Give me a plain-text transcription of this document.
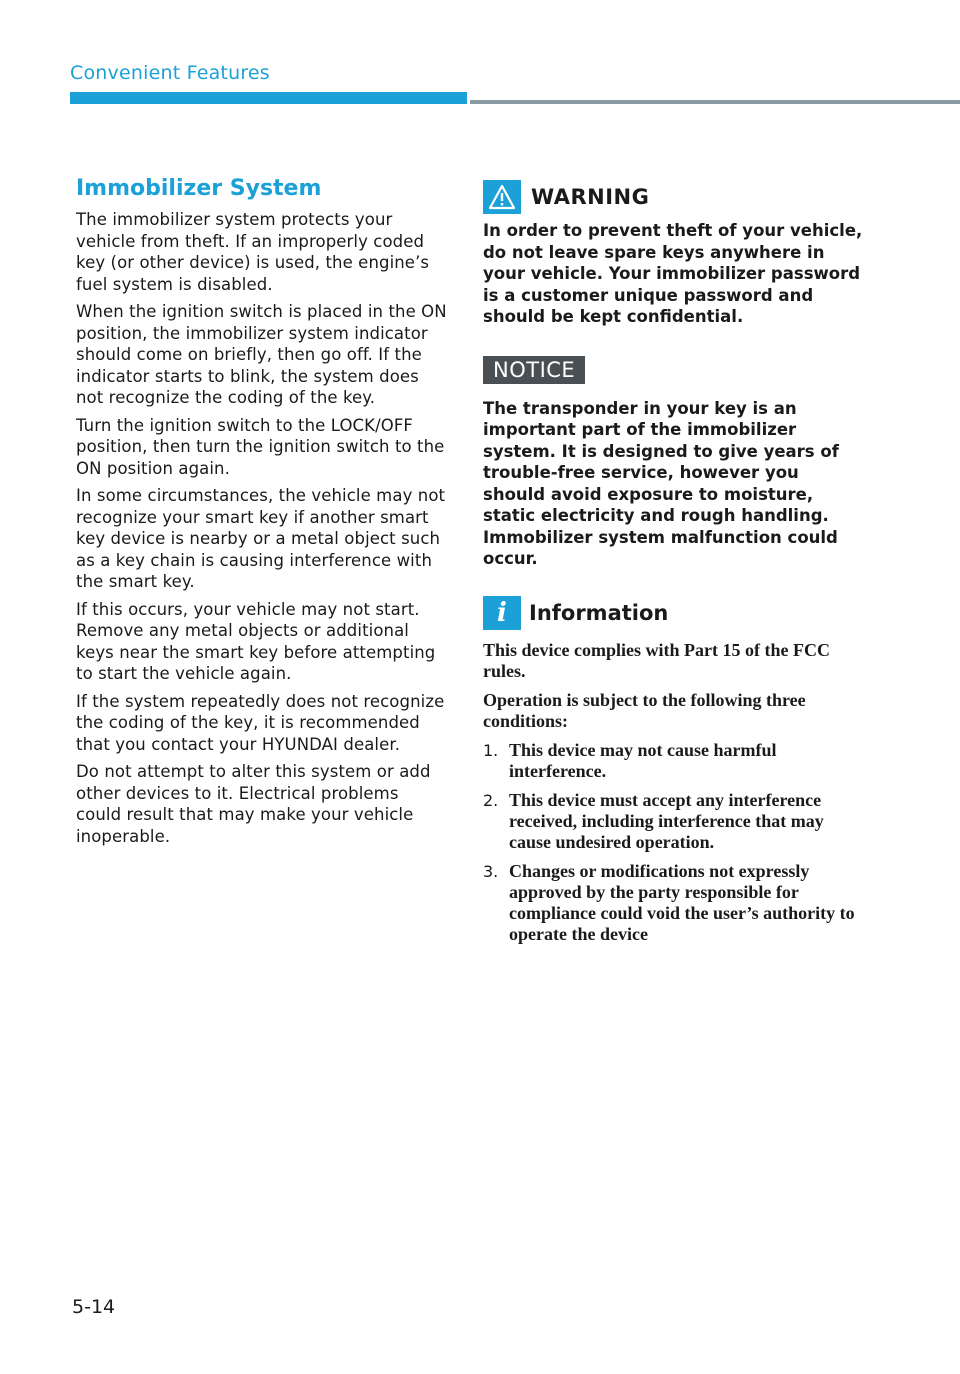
Convenient Features
Immobilizer System

The immobilizer system protects your vehicle from theft. If an improperly coded key (or other device) is used, the engine’s fuel system is disabled.

When the ignition switch is placed in the ON position, the immobilizer system indicator should come on briefly, then go off. If the indicator starts to blink, the system does not recognize the coding of the key.

Turn the ignition switch to the LOCK/OFF position, then turn the ignition switch to the ON position again.

In some circumstances, the vehicle may not recognize your smart key if another smart key device is nearby or a metal object such as a key chain is causing interference with the smart key.

If this occurs, your vehicle may not start. Remove any metal objects or additional keys near the smart key before attempting to start the vehicle again.

If the system repeatedly does not recognize the coding of the key, it is recommended that you contact your HYUNDAI dealer.

Do not attempt to alter this system or add other devices to it. Electrical problems could result that may make your vehicle inoperable.

WARNING

In order to prevent theft of your vehicle, do not leave spare keys anywhere in your vehicle. Your immobilizer password is a customer unique password and should be kept confidential.

NOTICE

The transponder in your key is an important part of the immobilizer system. It is designed to give years of trouble-free service, however you should avoid exposure to moisture, static electricity and rough handling. Immobilizer system malfunction could occur.

i	Information

This device complies with Part 15 of the FCC rules.

Operation is subject to the following three conditions:

1. This device may not cause harmful interference.
2. This device must accept any interference received, including interference that may cause undesired operation.
3. Changes or modifications not expressly approved by the party responsible for compliance could void the user’s authority to operate the device
5-14
